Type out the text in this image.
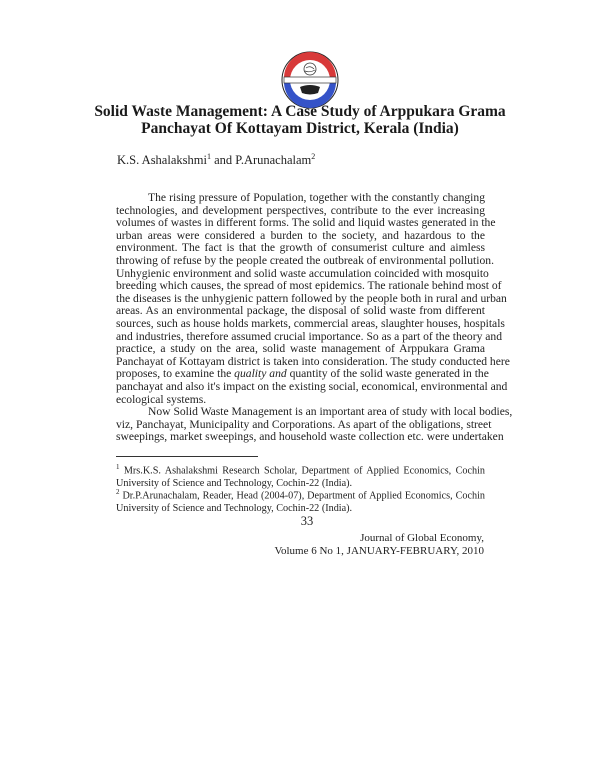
Solid Waste Management: A Case Study of Arppukara Grama
Panchayat Of Kottayam District, Kerala (India)
K.S. Ashalakshmi$^1$ and P.Arunachalam$^2$
The rising pressure of Population, together with the constantly changing
technologies, and development perspectives, contribute to the ever increasing
volumes of wastes in different forms. The solid and liquid wastes generated in the
urban areas were considered a burden to the society, and hazardous to the
environment. The fact is that the growth of consumerist culture and aimless
throwing of refuse by the people created the outbreak of environmental pollution.
Unhygienic environment and solid waste accumulation coincided with mosquito
breeding which causes, the spread of most epidemics. The rationale behind most of
the diseases is the unhygienic pattern followed by the people both in rural and urban
areas. As an environmental package, the disposal of solid waste from different
sources, such as house holds markets, commercial areas, slaughter houses, hospitals
and industries, therefore assumed crucial importance. So as a part of the theory and
practice, a study on the area, solid waste management of Arppukara Grama
Panchayat of Kottayam district is taken into consideration. The study conducted here
proposes, to examine the quality and quantity of the solid waste generated in the
panchayat and also it's impact on the existing social, economical, environmental and
ecological systems.
Now Solid Waste Management is an important area of study with local bodies,
viz, Panchayat, Municipality and Corporations. As apart of the obligations, street
sweepings, market sweepings, and household waste collection etc. were undertaken
$^1$ Mrs.K.S. Ashalakshmi Research Scholar, Department of Applied Economics, Cochin
University of Science and Technology, Cochin-22 (India).
$^2$ Dr.P.Arunachalam, Reader, Head (2004-07), Department of Applied Economics, Cochin
University of Science and Technology, Cochin-22 (India).
33
Journal of Global Economy,
Volume 6 No 1, JANUARY-FEBRUARY, 2010
